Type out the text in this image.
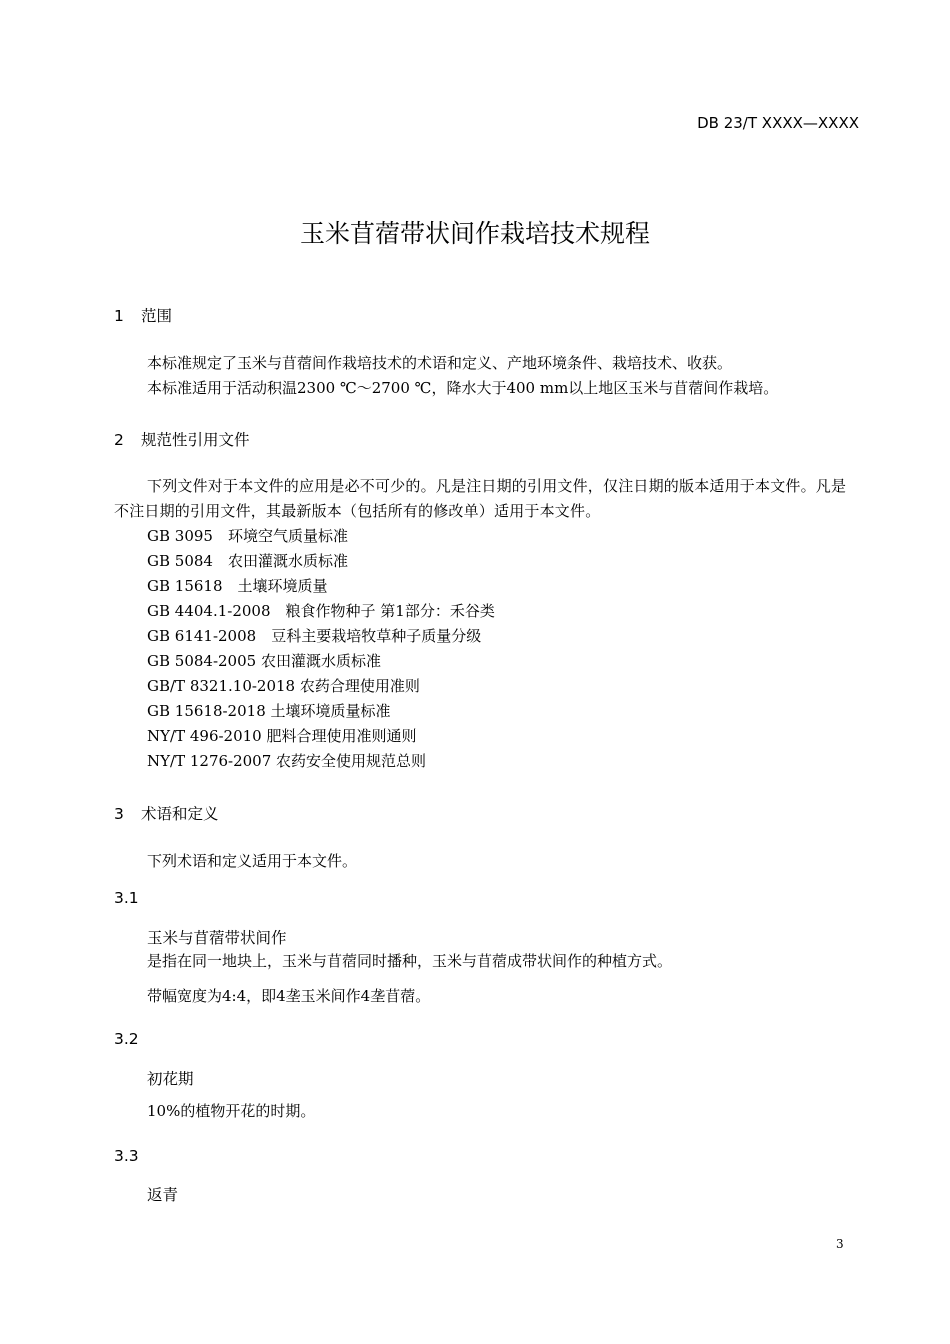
DB 23/T XXXX—XXXX
玉米苜蓿带状间作栽培技术规程
1 范围
本标准规定了玉米与苜蓿间作栽培技术的术语和定义、产地环境条件、栽培技术、收获。
本标准适用于活动积温2300 ℃～2700 ℃，降水大于400 mm以上地区玉米与苜蓿间作栽培。
2 规范性引用文件
下列文件对于本文件的应用是必不可少的。凡是注日期的引用文件，仅注日期的版本适用于本文件。凡是不注日期的引用文件，其最新版本（包括所有的修改单）适用于本文件。
GB 3095　环境空气质量标准
GB 5084　农田灌溉水质标准
GB 15618　土壤环境质量
GB 4404.1-2008　粮食作物种子 第1部分：禾谷类
GB 6141-2008　豆科主要栽培牧草种子质量分级
GB 5084-2005 农田灌溉水质标准
GB/T 8321.10-2018 农药合理使用准则
GB 15618-2018 土壤环境质量标准
NY/T 496-2010 肥料合理使用准则通则
NY/T 1276-2007 农药安全使用规范总则
3 术语和定义
下列术语和定义适用于本文件。
3.1
玉米与苜蓿带状间作
是指在同一地块上，玉米与苜蓿同时播种，玉米与苜蓿成带状间作的种植方式。
带幅宽度为4:4，即4垄玉米间作4垄苜蓿。
3.2
初花期
10%的植物开花的时期。
3.3
返青
3
